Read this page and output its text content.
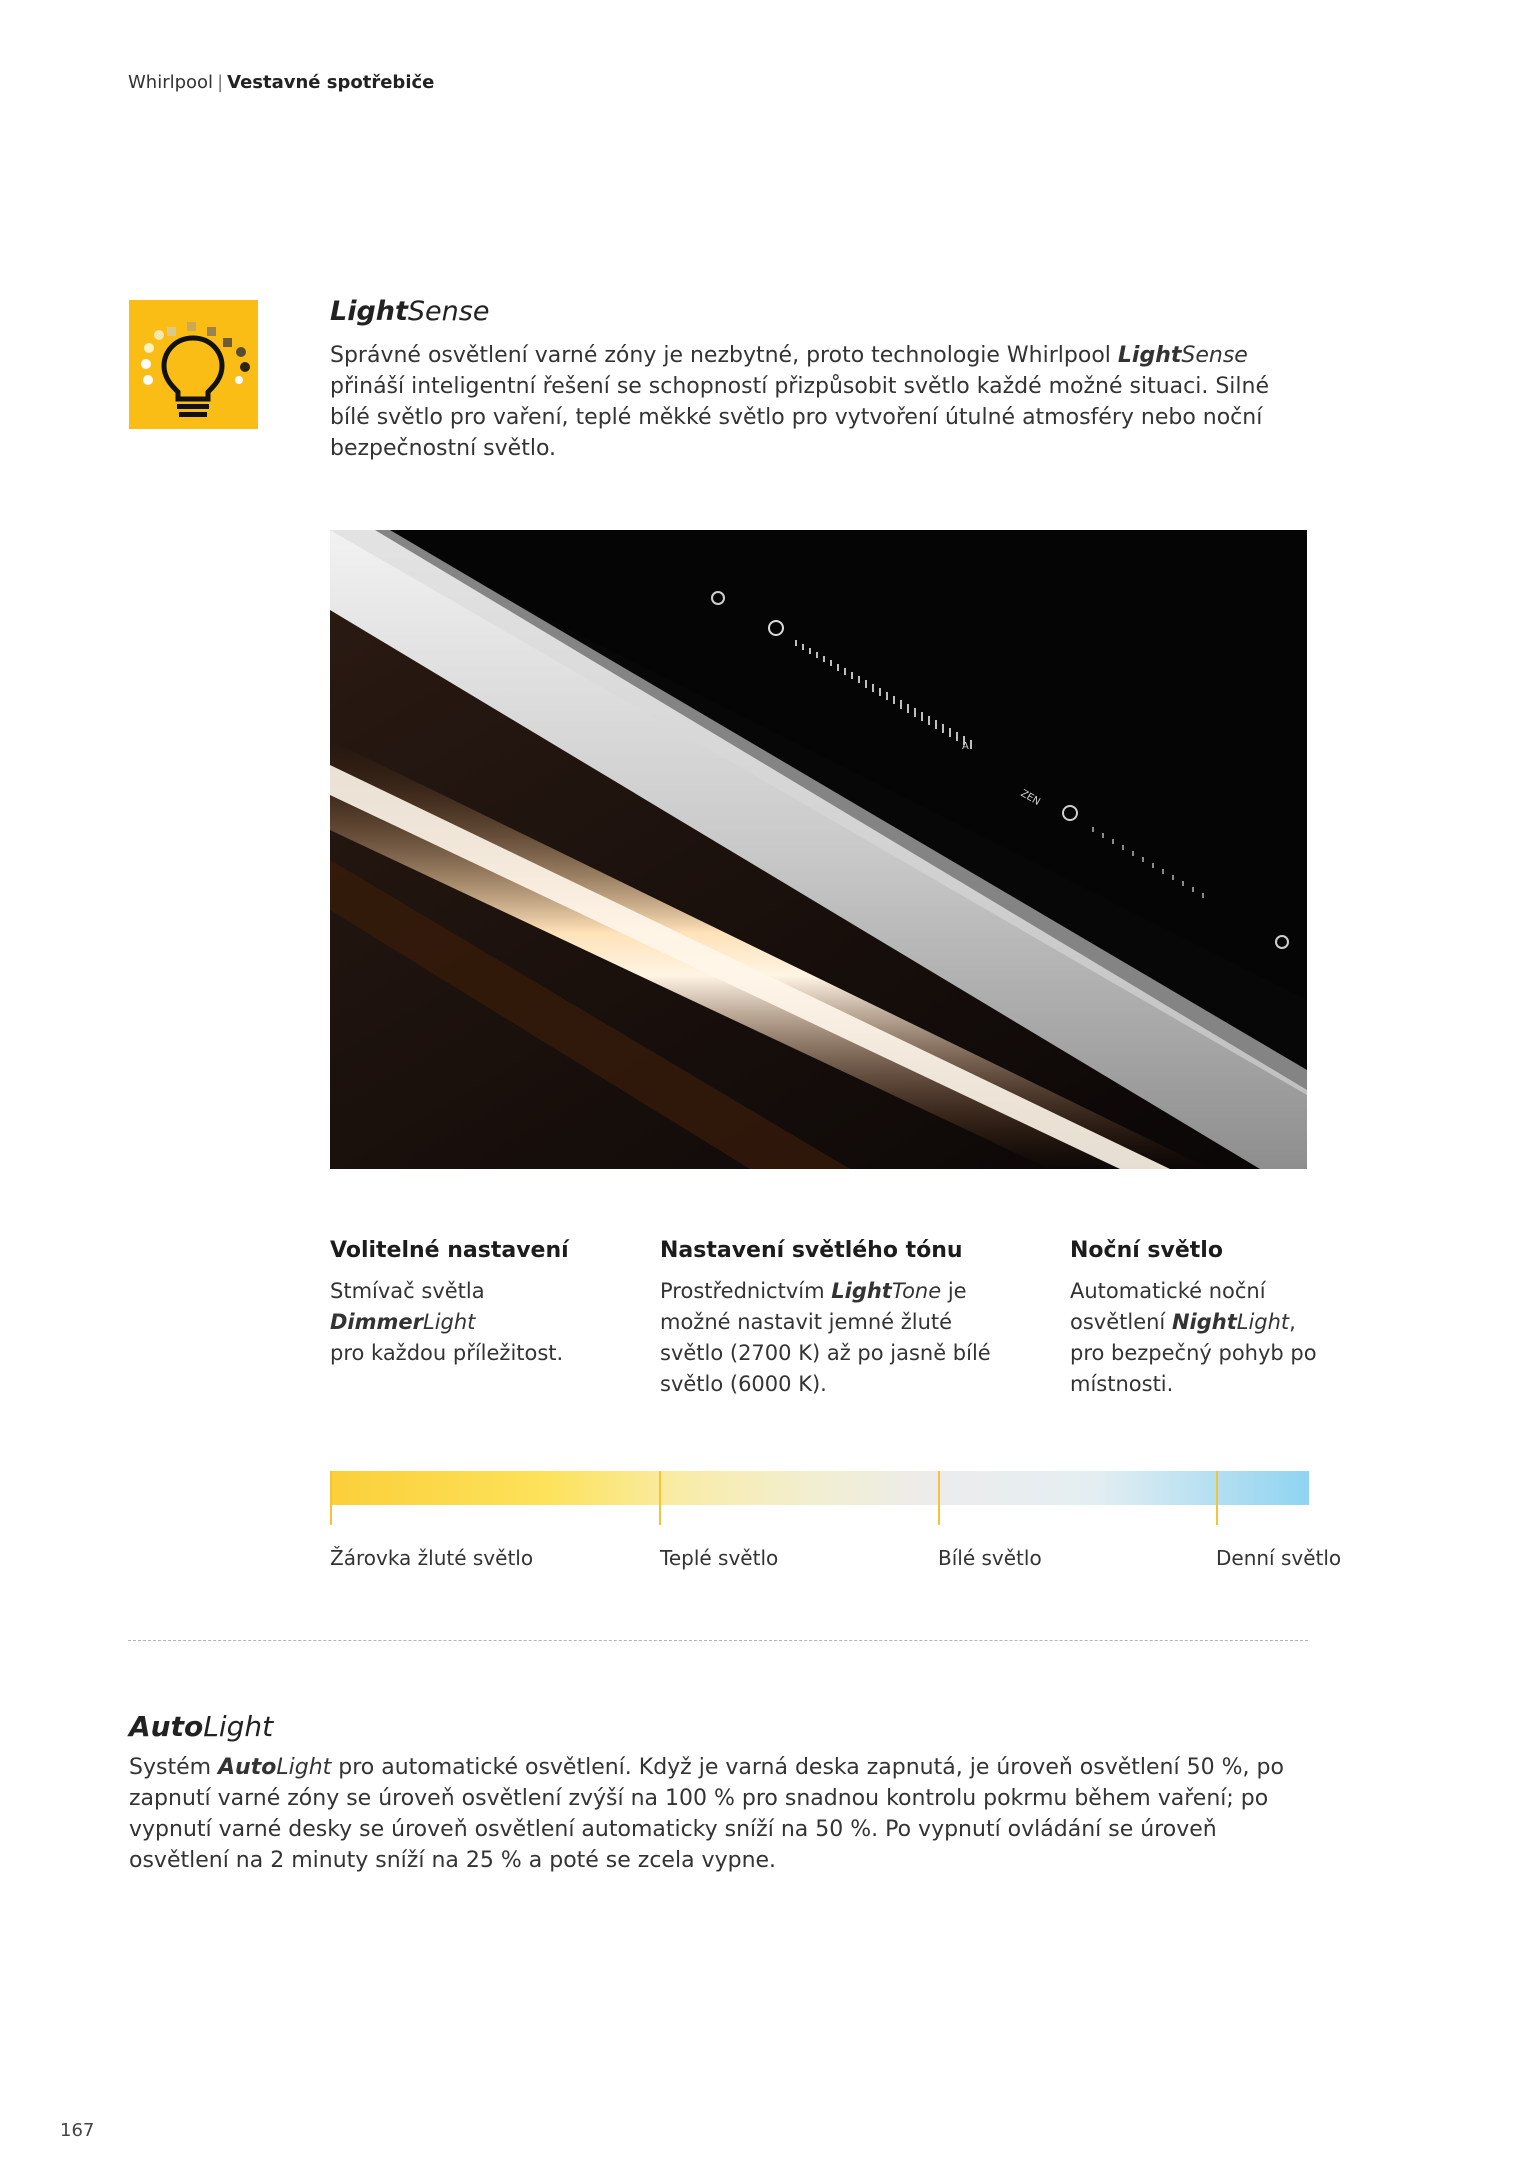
Whirlpool | Vestavné spotřebiče
LightSense
Správné osvětlení varné zóny je nezbytné, proto technologie Whirlpool LightSense přináší inteligentní řešení se schopností přizpůsobit světlo každé možné situaci. Silné bílé světlo pro vaření, teplé měkké světlo pro vytvoření útulné atmosféry nebo noční bezpečnostní světlo.
A
ZEN
Volitelné nastavení
Stmívač světla
DimmerLight
pro každou příležitost.
Nastavení světlého tónu
Prostřednictvím LightTone je možné nastavit jemné žluté světlo (2700 K) až po jasně bílé světlo (6000 K).
Noční světlo
Automatické noční osvětlení NightLight, pro bezpečný pohyb po místnosti.
Žárovka žluté světlo	Teplé světlo	Bílé světlo	Denní světlo
AutoLight
Systém AutoLight pro automatické osvětlení. Když je varná deska zapnutá, je úroveň osvětlení 50 %, po zapnutí varné zóny se úroveň osvětlení zvýší na 100 % pro snadnou kontrolu pokrmu během vaření; po vypnutí varné desky se úroveň osvětlení automaticky sníží na 50 %. Po vypnutí ovládání se úroveň osvětlení na 2 minuty sníží na 25 % a poté se zcela vypne.
167
